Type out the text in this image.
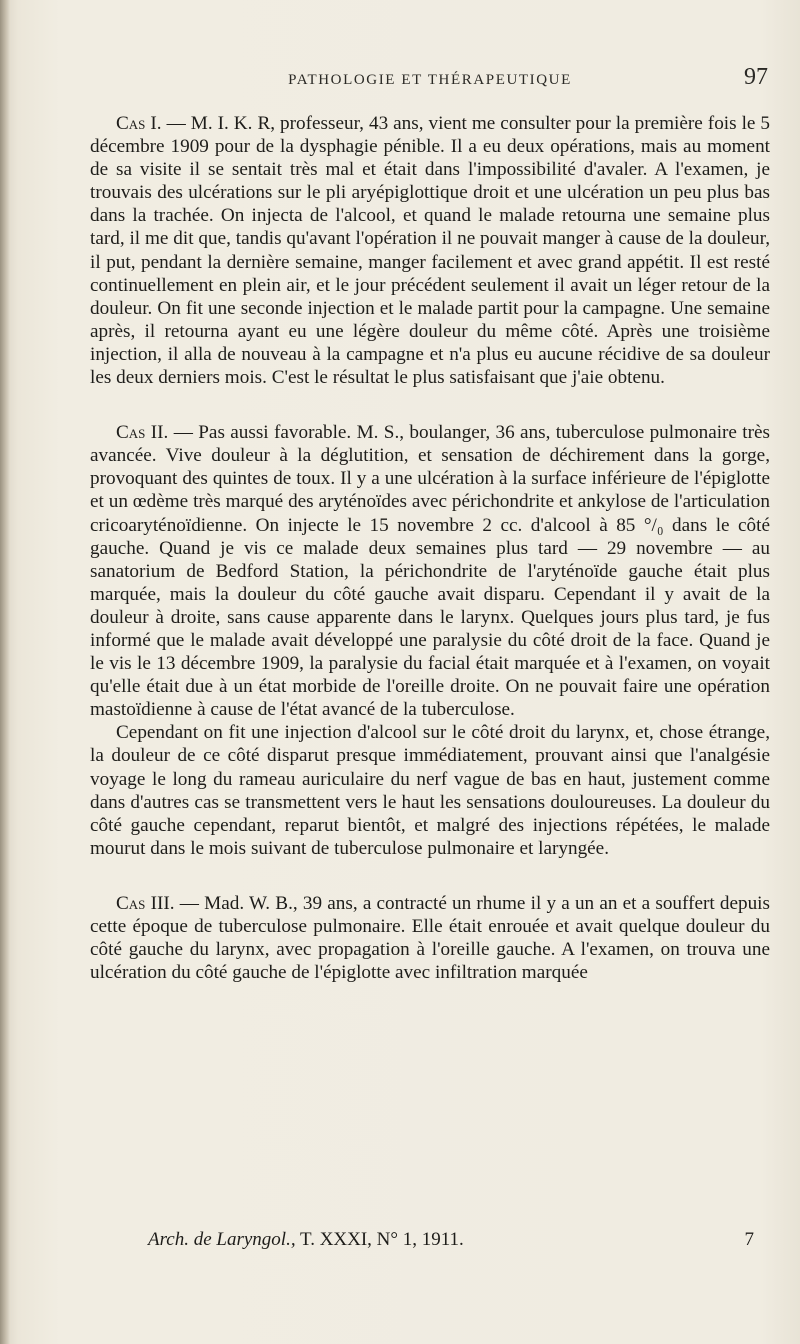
PATHOLOGIE ET THÉRAPEUTIQUE	97

Cas I. — M. I. K. R, professeur, 43 ans, vient me consulter pour la première fois le 5 décembre 1909 pour de la dysphagie pénible. Il a eu deux opérations, mais au moment de sa visite il se sentait très mal et était dans l'impossibilité d'avaler. A l'examen, je trouvais des ulcérations sur le pli aryépiglottique droit et une ulcération un peu plus bas dans la trachée. On injecta de l'alcool, et quand le malade retourna une semaine plus tard, il me dit que, tandis qu'avant l'opération il ne pouvait manger à cause de la douleur, il put, pendant la dernière semaine, manger facilement et avec grand appétit. Il est resté continuellement en plein air, et le jour précédent seulement il avait un léger retour de la douleur. On fit une seconde injection et le malade partit pour la campagne. Une semaine après, il retourna ayant eu une légère douleur du même côté. Après une troisième injection, il alla de nouveau à la campagne et n'a plus eu aucune récidive de sa douleur les deux derniers mois. C'est le résultat le plus satisfaisant que j'aie obtenu.

Cas II. — Pas aussi favorable. M. S., boulanger, 36 ans, tuberculose pulmonaire très avancée. Vive douleur à la déglutition, et sensation de déchirement dans la gorge, provoquant des quintes de toux. Il y a une ulcération à la surface inférieure de l'épiglotte et un œdème très marqué des aryténoïdes avec périchondrite et ankylose de l'articulation cricoaryténoïdienne. On injecte le 15 novembre 2 cc. d'alcool à 85 °/₀ dans le côté gauche. Quand je vis ce malade deux semaines plus tard — 29 novembre — au sanatorium de Bedford Station, la périchondrite de l'aryténoïde gauche était plus marquée, mais la douleur du côté gauche avait disparu. Cependant il y avait de la douleur à droite, sans cause apparente dans le larynx. Quelques jours plus tard, je fus informé que le malade avait développé une paralysie du côté droit de la face. Quand je le vis le 13 décembre 1909, la paralysie du facial était marquée et à l'examen, on voyait qu'elle était due à un état morbide de l'oreille droite. On ne pouvait faire une opération mastoïdienne à cause de l'état avancé de la tuberculose.

Cependant on fit une injection d'alcool sur le côté droit du larynx, et, chose étrange, la douleur de ce côté disparut presque immédiatement, prouvant ainsi que l'analgésie voyage le long du rameau auriculaire du nerf vague de bas en haut, justement comme dans d'autres cas se transmettent vers le haut les sensations douloureuses. La douleur du côté gauche cependant, reparut bientôt, et malgré des injections répétées, le malade mourut dans le mois suivant de tuberculose pulmonaire et laryngée.

Cas III. — Mad. W. B., 39 ans, a contracté un rhume il y a un an et a souffert depuis cette époque de tuberculose pulmonaire. Elle était enrouée et avait quelque douleur du côté gauche du larynx, avec propagation à l'oreille gauche. A l'examen, on trouva une ulcération du côté gauche de l'épiglotte avec infiltration marquée

Arch. de Laryngol., T. XXXI, N° 1, 1911.	7
